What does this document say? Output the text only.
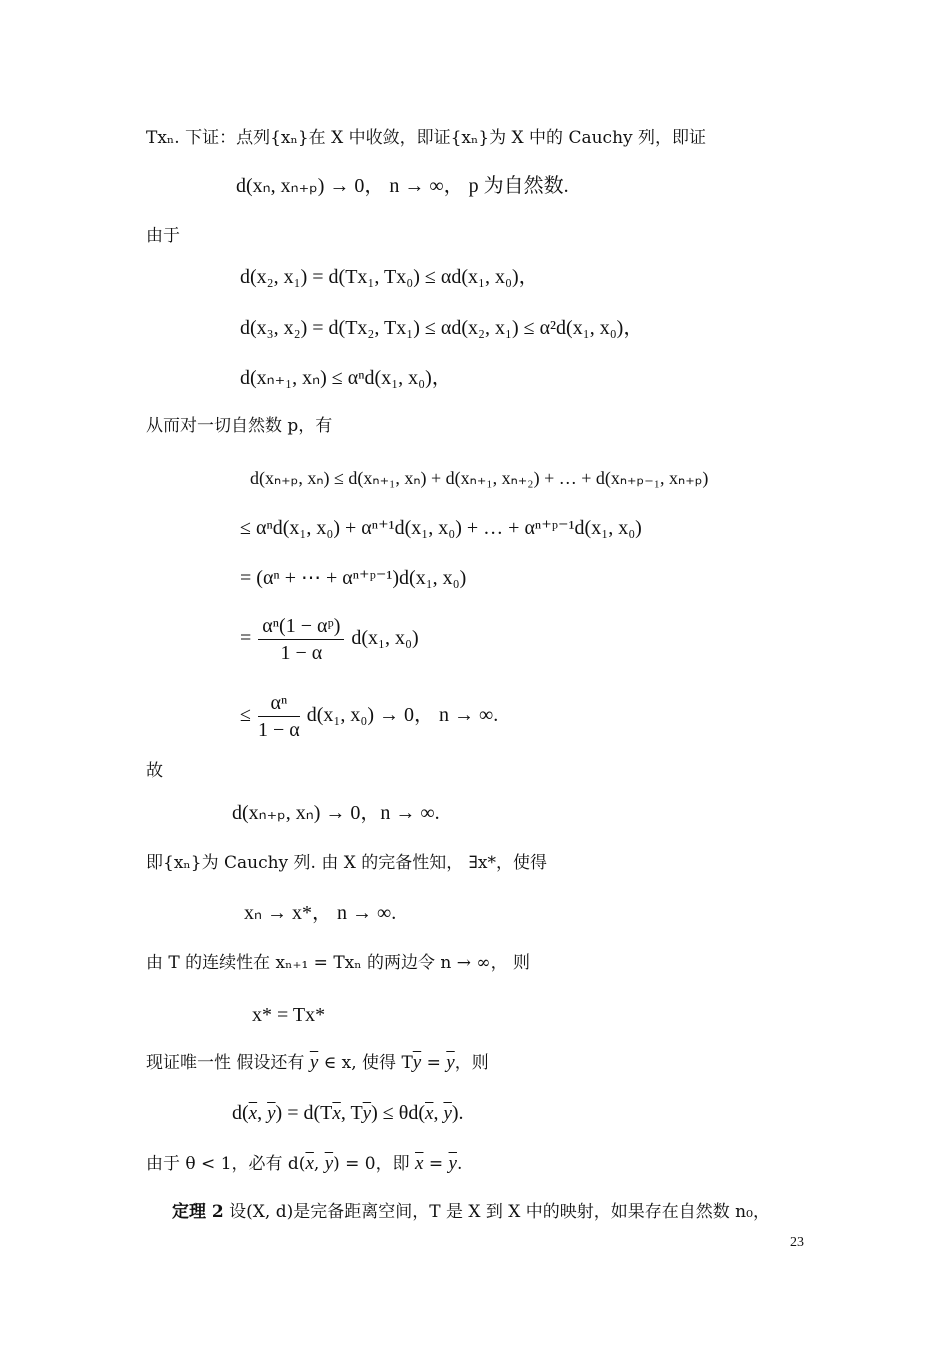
Txₙ. 下证：点列{xₙ}在 X 中收敛，即证{xₙ}为 X 中的 Cauchy 列，即证
d(xₙ, xₙ₊ₚ) → 0， n → ∞， p 为自然数.
由于
d(x₂, x₁) = d(Tx₁, Tx₀) ≤ αd(x₁, x₀)，
d(x₃, x₂) = d(Tx₂, Tx₁) ≤ αd(x₂, x₁) ≤ α²d(x₁, x₀)，
d(xₙ₊₁, xₙ) ≤ αⁿd(x₁, x₀)，
从而对一切自然数 p，有
d(xₙ₊ₚ, xₙ) ≤ d(xₙ₊₁, xₙ) + d(xₙ₊₁, xₙ₊₂) + … + d(xₙ₊ₚ₋₁, xₙ₊ₚ)
≤ αⁿd(x₁, x₀) + αⁿ⁺¹d(x₁, x₀) + … + αⁿ⁺ᵖ⁻¹d(x₁, x₀)
= (αⁿ + ⋯ + αⁿ⁺ᵖ⁻¹)d(x₁, x₀)
= $\frac{\text{αⁿ(1 − αᵖ)}}{1 - \alpha} d(x_1$, x₀)
≤ $\frac{\text{αⁿ}}{1 - \alpha} d(x_1$, x₀) → 0， n → ∞.
故
d(xₙ₊ₚ, xₙ) → 0，n → ∞.
即{xₙ}为 Cauchy 列. 由 X 的完备性知， ∃x*，使得
xₙ → x*， n → ∞.
由 T 的连续性在 xₙ₊₁ = Txₙ 的两边令 n → ∞， 则
x* = Tx*
现证唯一性 假设还有 $\overline{y}$ ∈ x, 使得 $T\overline{y} = \overline{y}$，则
$d(\overline{x}$, $\overline{y}) = d(T\overline{x}$, $T\overline{y}) \le \theta d(\overline{x}$, $\overline{y}$).
由于 θ < 1，必有 $d(\overline{x}$, $\overline{y}) = 0$，即 $\overline{x} = \overline{y}$.
定理 2 设(X, d)是完备距离空间，T 是 X 到 X 中的映射，如果存在自然数 n₀，
23
